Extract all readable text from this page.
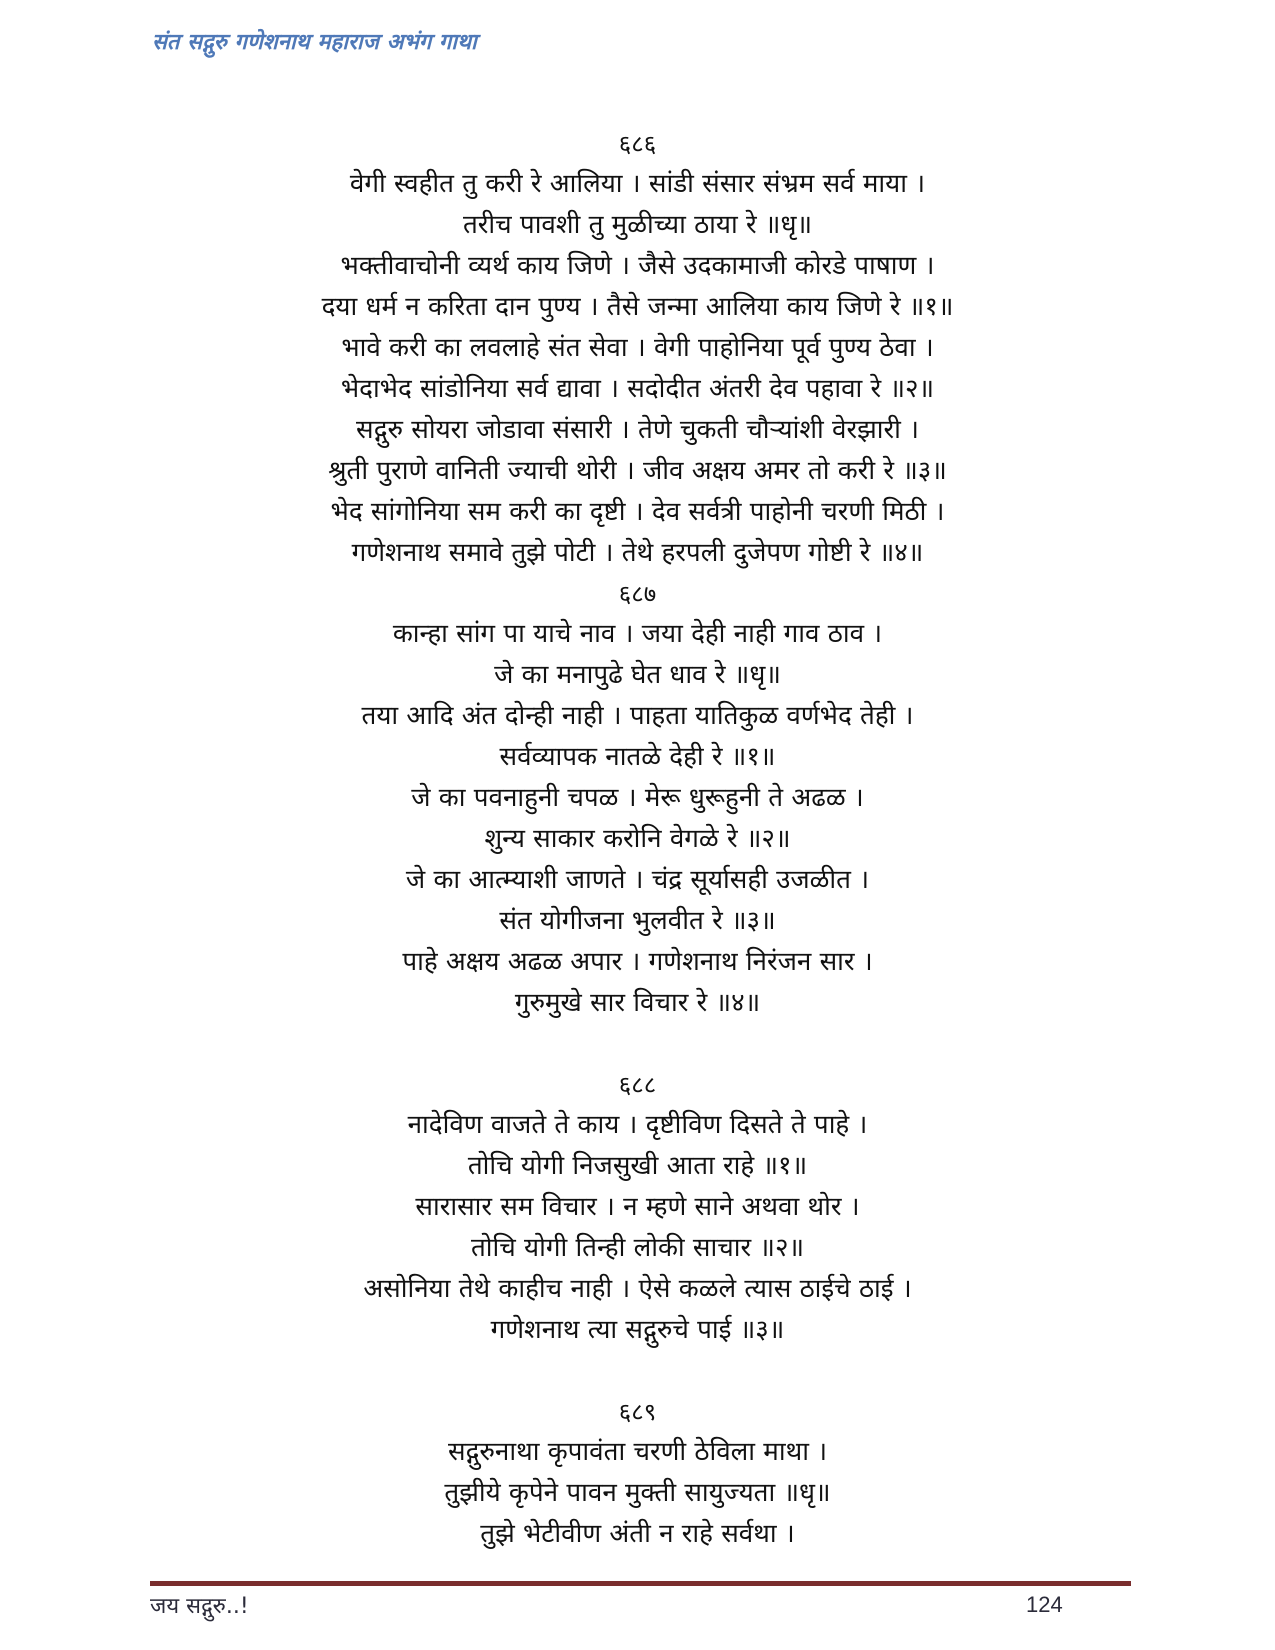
संत सद्गुरु गणेशनाथ महाराज अभंग गाथा
६८६
वेगी स्वहीत तु करी रे आलिया । सांडी संसार संभ्रम सर्व माया ।
तरीच पावशी तु मुळीच्या ठाया रे ॥धृ॥
भक्तीवाचोनी व्यर्थ काय जिणे । जैसे उदकामाजी कोरडे पाषाण ।
दया धर्म न करिता दान पुण्य । तैसे जन्मा आलिया काय जिणे रे ॥१॥
भावे करी का लवलाहे संत सेवा । वेगी पाहोनिया पूर्व पुण्य ठेवा ।
भेदाभेद सांडोनिया सर्व द्यावा । सदोदीत अंतरी देव पहावा रे ॥२॥
सद्गुरु सोयरा जोडावा संसारी । तेणे चुकती चौऱ्यांशी वेरझारी ।
श्रुती पुराणे वानिती ज्याची थोरी । जीव अक्षय अमर तो करी रे ॥३॥
भेद सांगोनिया सम करी का दृष्टी । देव सर्वत्री पाहोनी चरणी मिठी ।
गणेशनाथ समावे तुझे पोटी । तेथे हरपली दुजेपण गोष्टी रे ॥४॥
६८७
कान्हा सांग पा याचे नाव । जया देही नाही गाव ठाव ।
जे का मनापुढे घेत धाव रे ॥धृ॥
तया आदि अंत दोन्ही नाही । पाहता यातिकुळ वर्णभेद तेही ।
सर्वव्यापक नातळे देही रे ॥१॥
जे का पवनाहुनी चपळ । मेरू धुरूहुनी ते अढळ ।
शुन्य साकार करोनि वेगळे रे ॥२॥
जे का आत्म्याशी जाणते । चंद्र सूर्यासही उजळीत ।
संत योगीजना भुलवीत रे ॥३॥
पाहे अक्षय अढळ अपार । गणेशनाथ निरंजन सार ।
गुरुमुखे सार विचार रे ॥४॥
६८८
नादेविण वाजते ते काय । दृष्टीविण दिसते ते पाहे ।
तोचि योगी निजसुखी आता राहे ॥१॥
सारासार सम विचार । न म्हणे साने अथवा थोर ।
तोचि योगी तिन्ही लोकी साचार ॥२॥
असोनिया तेथे काहीच नाही । ऐसे कळले त्यास ठाईचे ठाई ।
गणेशनाथ त्या सद्गुरुचे पाई ॥३॥
६८९
सद्गुरुनाथा कृपावंता चरणी ठेविला माथा ।
तुझीये कृपेने पावन मुक्ती सायुज्यता ॥धृ॥
तुझे भेटीवीण अंती न राहे सर्वथा ।
जय सद्गुरु..!	124
